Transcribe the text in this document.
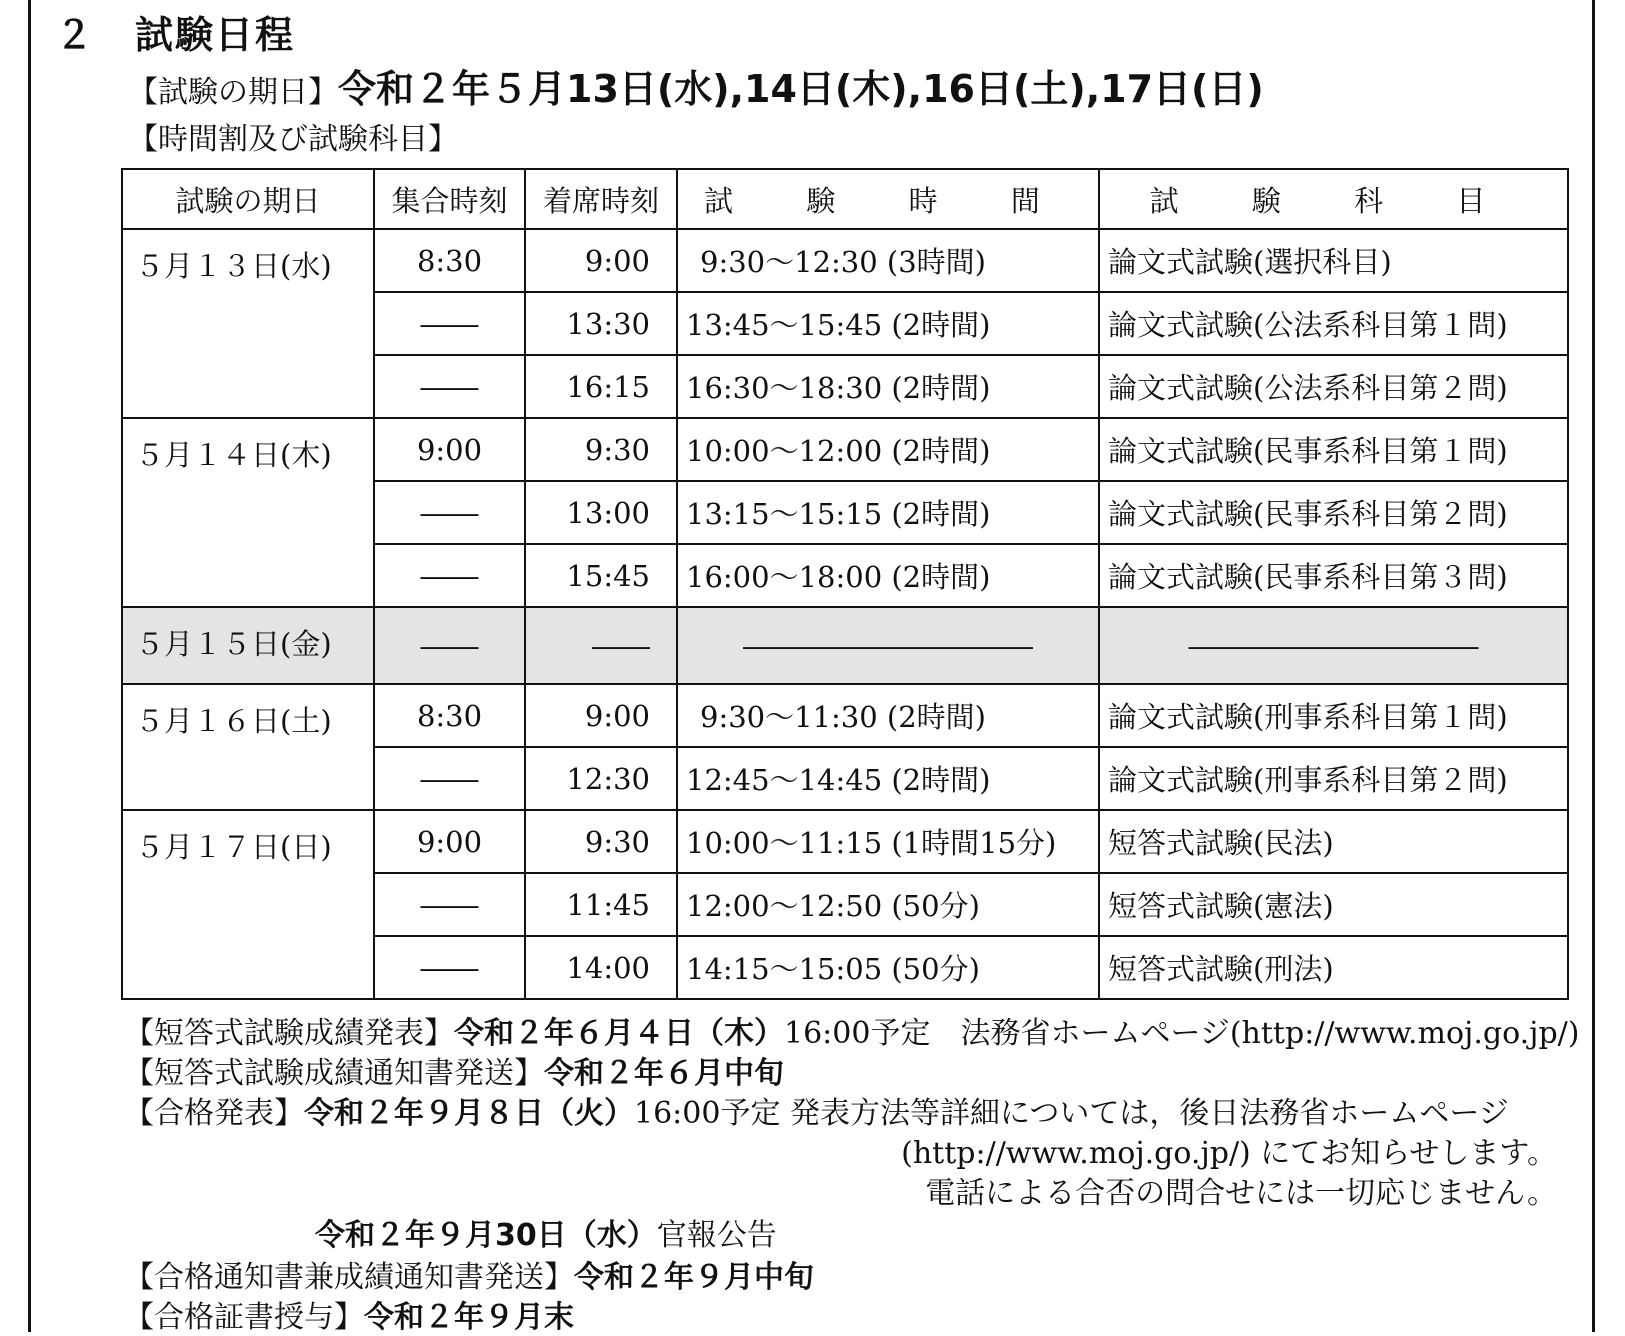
２ 試験日程
【試験の期日】令和２年５月13日(水),14日(木),16日(土),17日(日)
【時間割及び試験科目】
試験の期日	集合時刻	着席時刻	試 験 時 間	試 験 科 目
５月１３日(水)	8:30	9:00	9:30～12:30 (3時間)	論文式試験(選択科目)
	――	13:30	13:45～15:45 (2時間)	論文式試験(公法系科目第１問)
	――	16:15	16:30～18:30 (2時間)	論文式試験(公法系科目第２問)
５月１４日(木)	9:00	9:30	10:00～12:00 (2時間)	論文式試験(民事系科目第１問)
	――	13:00	13:15～15:15 (2時間)	論文式試験(民事系科目第２問)
	――	15:45	16:00～18:00 (2時間)	論文式試験(民事系科目第３問)
５月１５日(金)	――	――	――――――――――	――――――――――
５月１６日(土)	8:30	9:00	9:30～11:30 (2時間)	論文式試験(刑事系科目第１問)
	――	12:30	12:45～14:45 (2時間)	論文式試験(刑事系科目第２問)
５月１７日(日)	9:00	9:30	10:00～11:15 (1時間15分)	短答式試験(民法)
	――	11:45	12:00～12:50 (50分)	短答式試験(憲法)
	――	14:00	14:15～15:05 (50分)	短答式試験(刑法)
【短答式試験成績発表】令和２年６月４日（木）16:00予定　法務省ホームページ(http://www.moj.go.jp/)
【短答式試験成績通知書発送】令和２年６月中旬
【合格発表】令和２年９月８日（火）16:00予定 発表方法等詳細については，後日法務省ホームページ
(http://www.moj.go.jp/) にてお知らせします。
電話による合否の問合せには一切応じません。
令和２年９月30日（水）官報公告
【合格通知書兼成績通知書発送】令和２年９月中旬
【合格証書授与】令和２年９月末
